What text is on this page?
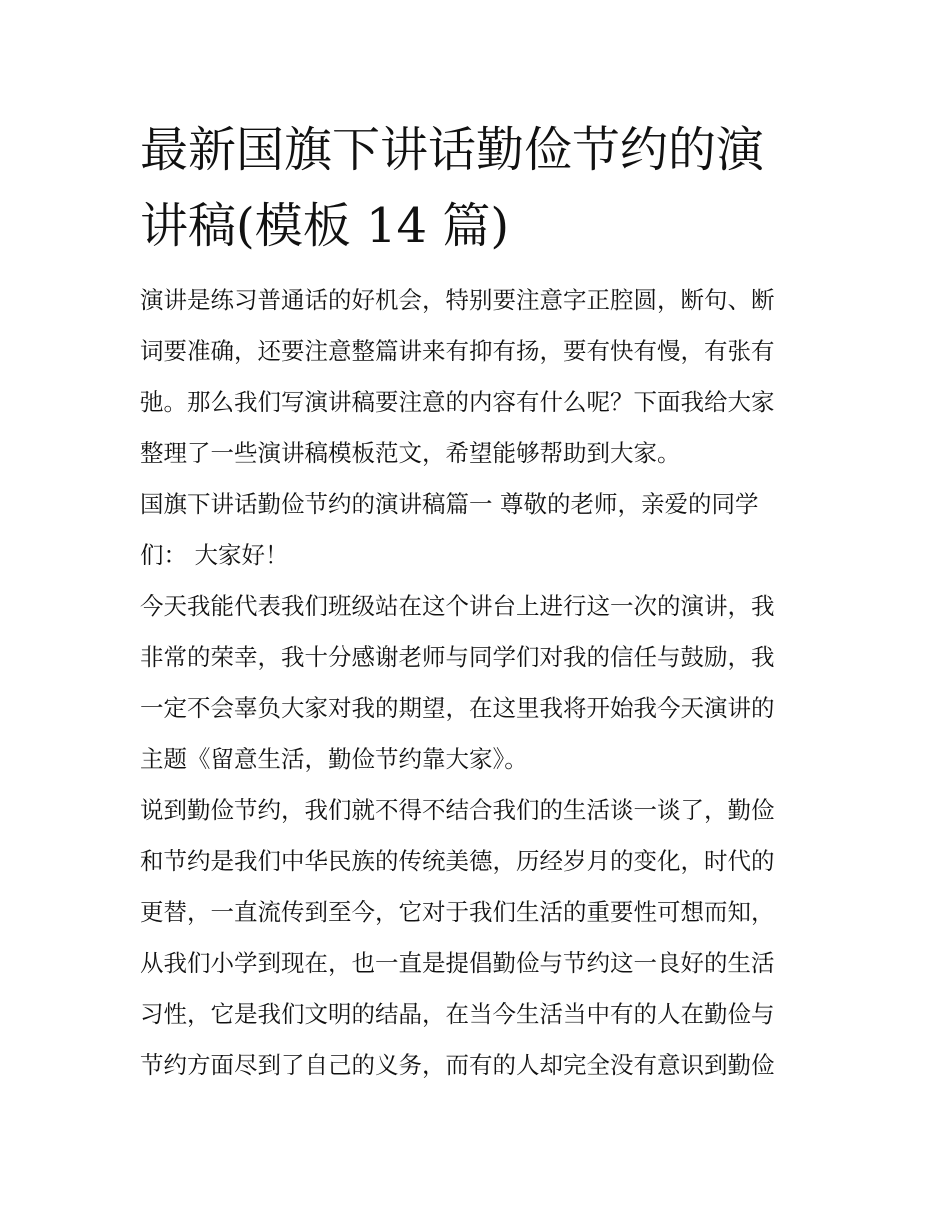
最新国旗下讲话勤俭节约的演
讲稿(模板 14 篇)
演讲是练习普通话的好机会，特别要注意字正腔圆，断句、断
词要准确，还要注意整篇讲来有抑有扬，要有快有慢，有张有
弛。那么我们写演讲稿要注意的内容有什么呢？下面我给大家
整理了一些演讲稿模板范文，希望能够帮助到大家。
国旗下讲话勤俭节约的演讲稿篇一 尊敬的老师，亲爱的同学
们： 大家好！
今天我能代表我们班级站在这个讲台上进行这一次的演讲，我
非常的荣幸，我十分感谢老师与同学们对我的信任与鼓励，我
一定不会辜负大家对我的期望，在这里我将开始我今天演讲的
主题《留意生活，勤俭节约靠大家》。
说到勤俭节约，我们就不得不结合我们的生活谈一谈了，勤俭
和节约是我们中华民族的传统美德，历经岁月的变化，时代的
更替，一直流传到至今，它对于我们生活的重要性可想而知，
从我们小学到现在，也一直是提倡勤俭与节约这一良好的生活
习性，它是我们文明的结晶，在当今生活当中有的人在勤俭与
节约方面尽到了自己的义务，而有的人却完全没有意识到勤俭
